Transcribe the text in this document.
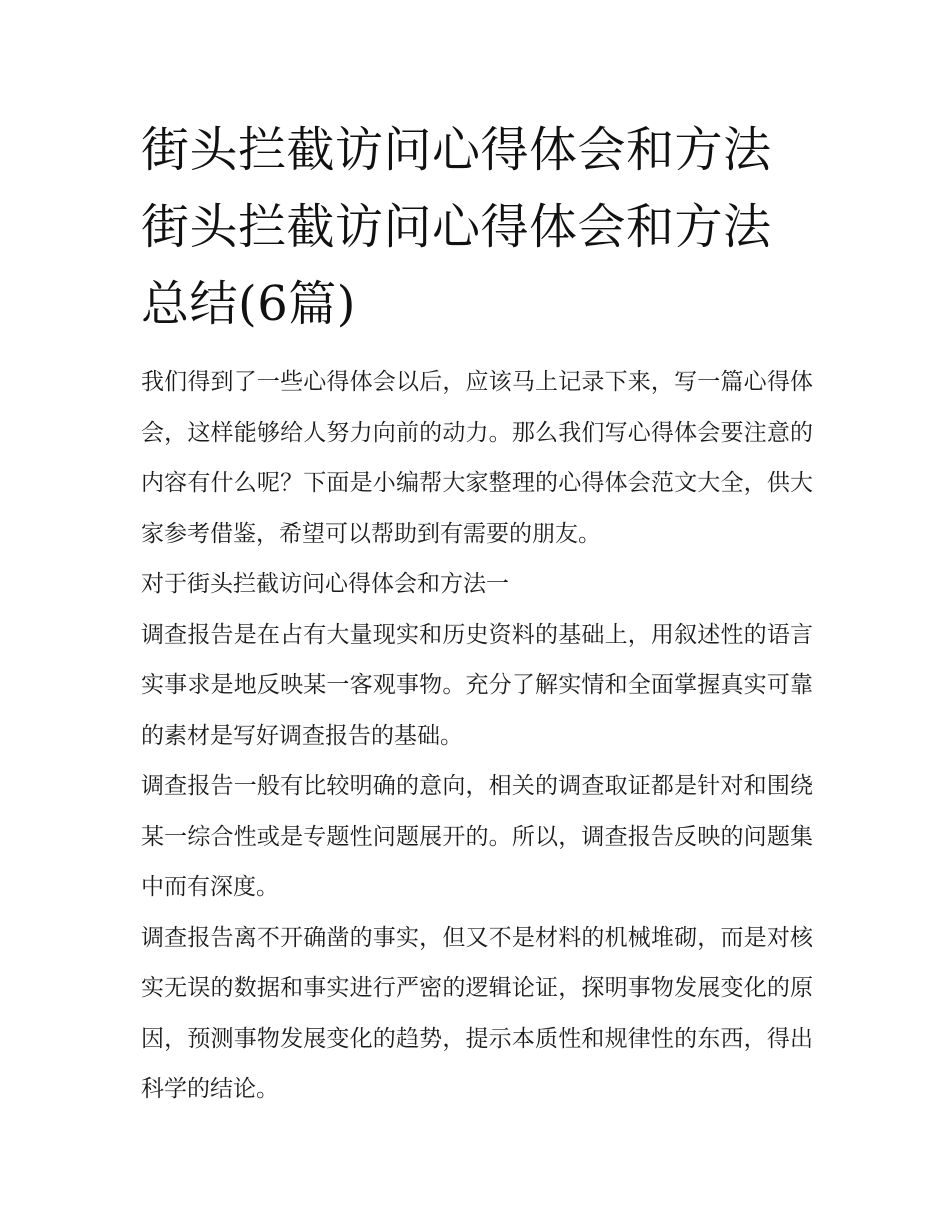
街头拦截访问心得体会和方法
街头拦截访问心得体会和方法
总结(6篇)

我们得到了一些心得体会以后，应该马上记录下来，写一篇心得体会，这样能够给人努力向前的动力。那么我们写心得体会要注意的内容有什么呢？下面是小编帮大家整理的心得体会范文大全，供大家参考借鉴，希望可以帮助到有需要的朋友。

对于街头拦截访问心得体会和方法一

调查报告是在占有大量现实和历史资料的基础上，用叙述性的语言实事求是地反映某一客观事物。充分了解实情和全面掌握真实可靠的素材是写好调查报告的基础。

调查报告一般有比较明确的意向，相关的调查取证都是针对和围绕某一综合性或是专题性问题展开的。所以，调查报告反映的问题集中而有深度。

调查报告离不开确凿的事实，但又不是材料的机械堆砌，而是对核实无误的数据和事实进行严密的逻辑论证，探明事物发展变化的原因，预测事物发展变化的趋势，提示本质性和规律性的东西，得出科学的结论。
